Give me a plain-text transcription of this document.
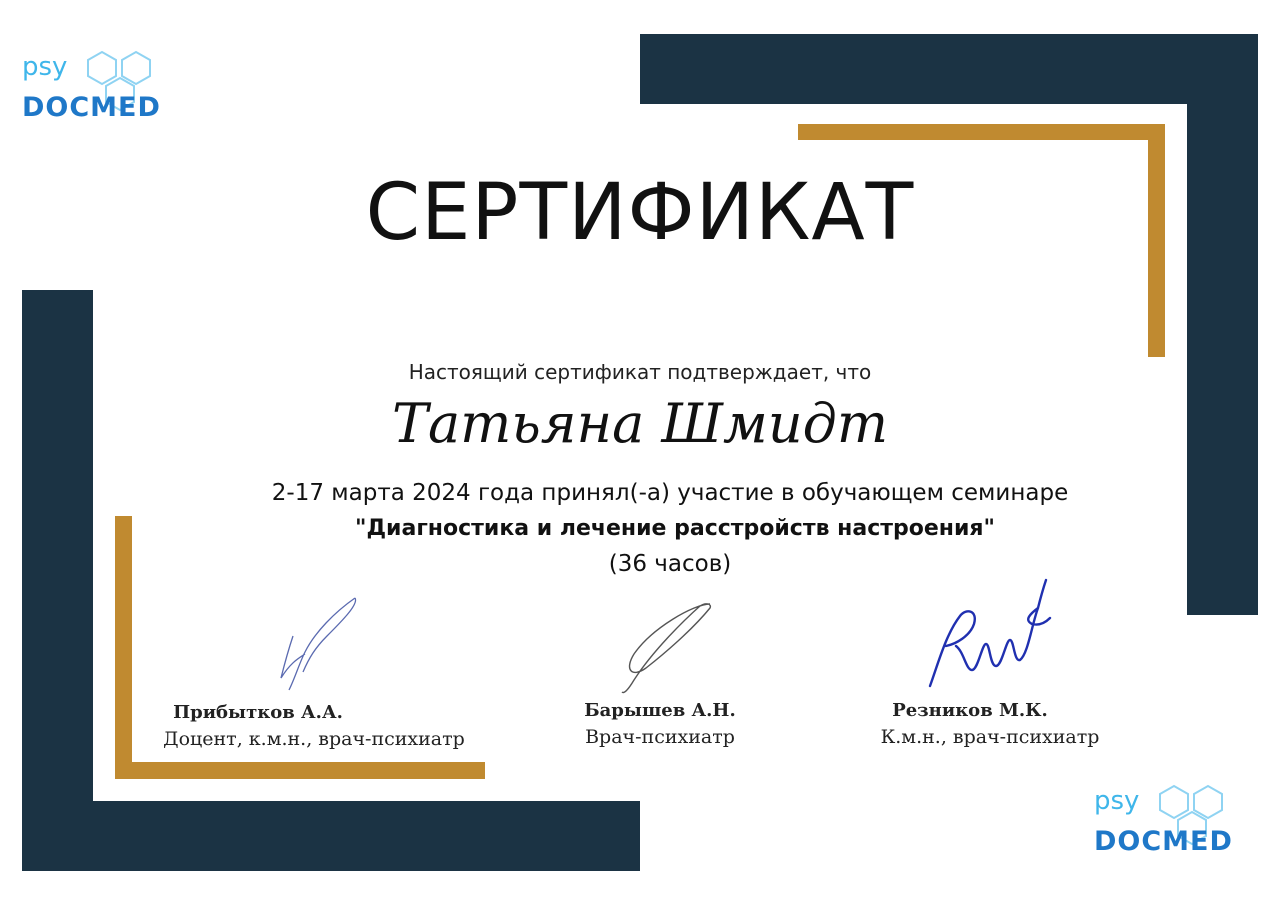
psy
DOCMED
psy
DOCMED
СЕРТИФИКАТ
Настоящий сертификат подтверждает, что
Татьяна Шмидт
2-17 марта 2024 года принял(-а) участие в обучающем семинаре
"Диагностика и лечение расстройств настроения"
(36 часов)
Прибытков А.А.
Доцент, к.м.н., врач-психиатр
Барышев А.Н.
Врач-психиатр
Резников М.К.
К.м.н., врач-психиатр
